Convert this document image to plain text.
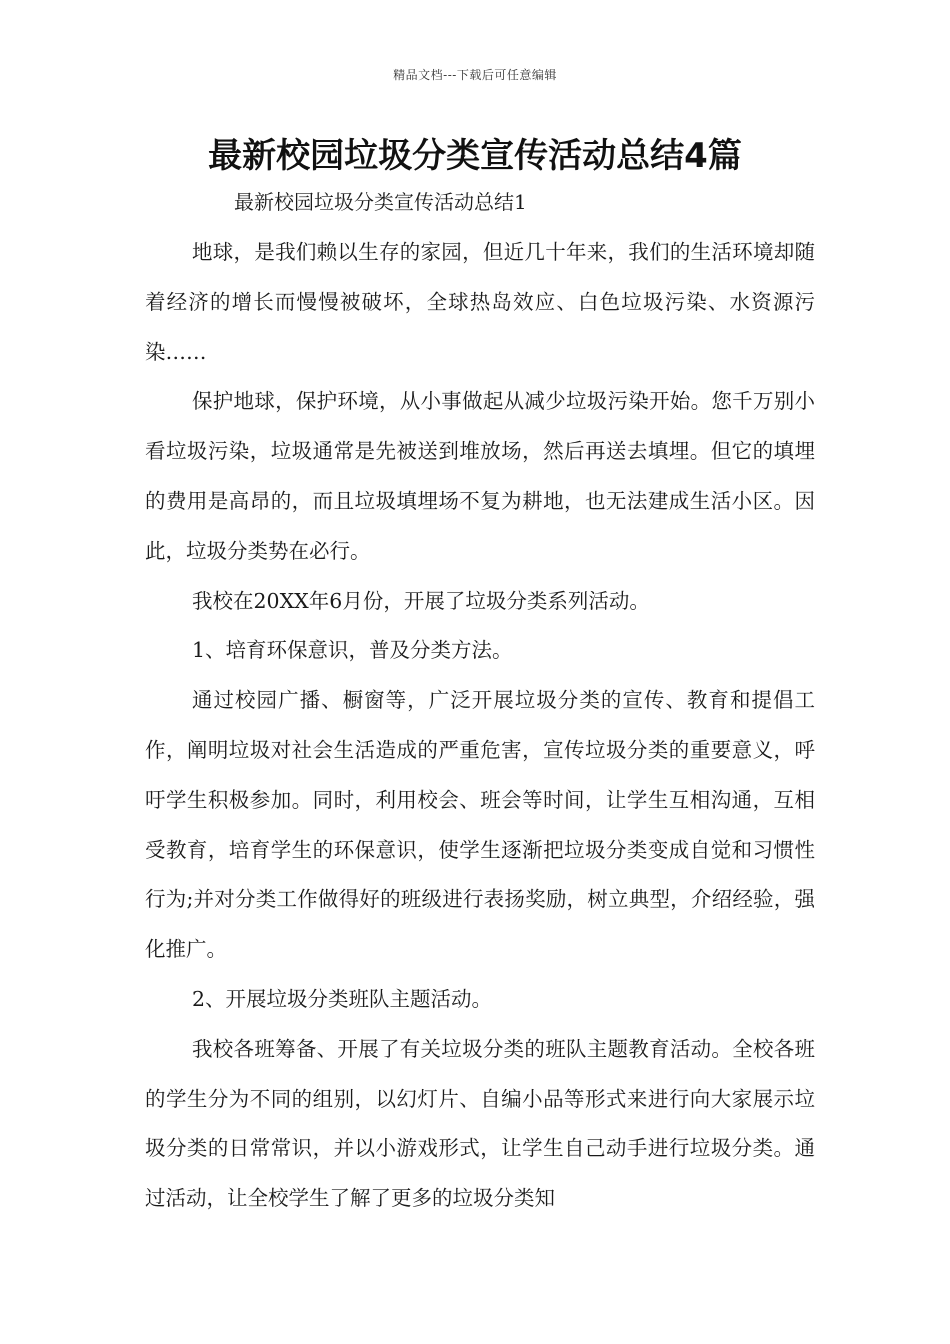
精品文档---下载后可任意编辑
最新校园垃圾分类宣传活动总结4篇

最新校园垃圾分类宣传活动总结1

地球，是我们赖以生存的家园，但近几十年来，我们的生活环境却随着经济的增长而慢慢被破坏，全球热岛效应、白色垃圾污染、水资源污染……

保护地球，保护环境，从小事做起从减少垃圾污染开始。您千万别小看垃圾污染，垃圾通常是先被送到堆放场，然后再送去填埋。但它的填埋的费用是高昂的，而且垃圾填埋场不复为耕地，也无法建成生活小区。因此，垃圾分类势在必行。

我校在20XX年6月份，开展了垃圾分类系列活动。

1、培育环保意识，普及分类方法。

通过校园广播、橱窗等，广泛开展垃圾分类的宣传、教育和提倡工作，阐明垃圾对社会生活造成的严重危害，宣传垃圾分类的重要意义，呼吁学生积极参加。同时，利用校会、班会等时间，让学生互相沟通，互相受教育，培育学生的环保意识，使学生逐渐把垃圾分类变成自觉和习惯性行为;并对分类工作做得好的班级进行表扬奖励，树立典型，介绍经验，强化推广。

2、开展垃圾分类班队主题活动。

我校各班筹备、开展了有关垃圾分类的班队主题教育活动。全校各班的学生分为不同的组别，以幻灯片、自编小品等形式来进行向大家展示垃圾分类的日常常识，并以小游戏形式，让学生自己动手进行垃圾分类。通过活动，让全校学生了解了更多的垃圾分类知
